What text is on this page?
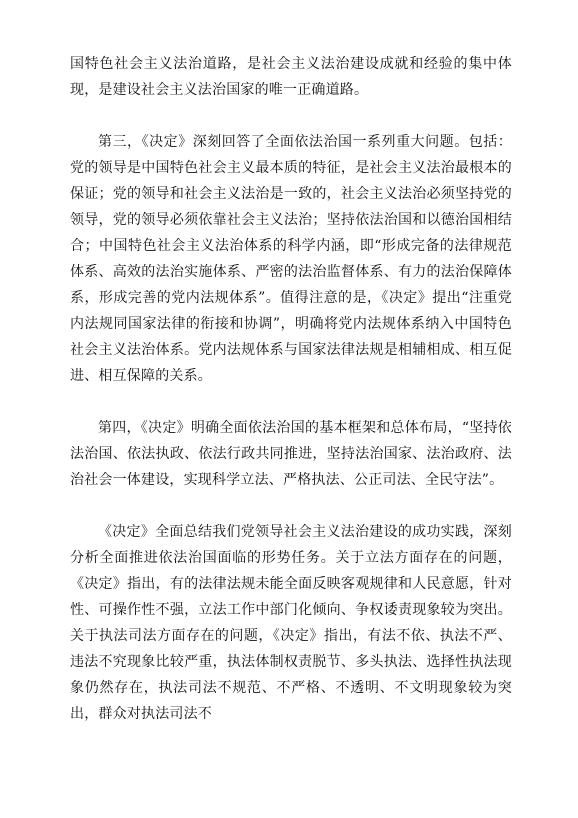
国特色社会主义法治道路，是社会主义法治建设成就和经验的集中体现，是建设社会主义法治国家的唯一正确道路。

第三，《决定》深刻回答了全面依法治国一系列重大问题。包括：党的领导是中国特色社会主义最本质的特征，是社会主义法治最根本的保证；党的领导和社会主义法治是一致的，社会主义法治必须坚持党的领导，党的领导必须依靠社会主义法治；坚持依法治国和以德治国相结合；中国特色社会主义法治体系的科学内涵，即“形成完备的法律规范体系、高效的法治实施体系、严密的法治监督体系、有力的法治保障体系，形成完善的党内法规体系”。值得注意的是，《决定》提出“注重党内法规同国家法律的衔接和协调”，明确将党内法规体系纳入中国特色社会主义法治体系。党内法规体系与国家法律法规是相辅相成、相互促进、相互保障的关系。

第四，《决定》明确全面依法治国的基本框架和总体布局，“坚持依法治国、依法执政、依法行政共同推进，坚持法治国家、法治政府、法治社会一体建设，实现科学立法、严格执法、公正司法、全民守法”。

《决定》全面总结我们党领导社会主义法治建设的成功实践，深刻分析全面推进依法治国面临的形势任务。关于立法方面存在的问题，《决定》指出，有的法律法规未能全面反映客观规律和人民意愿，针对性、可操作性不强，立法工作中部门化倾向、争权诿责现象较为突出。关于执法司法方面存在的问题，《决定》指出，有法不依、执法不严、违法不究现象比较严重，执法体制权责脱节、多头执法、选择性执法现象仍然存在，执法司法不规范、不严格、不透明、不文明现象较为突出，群众对执法司法不
